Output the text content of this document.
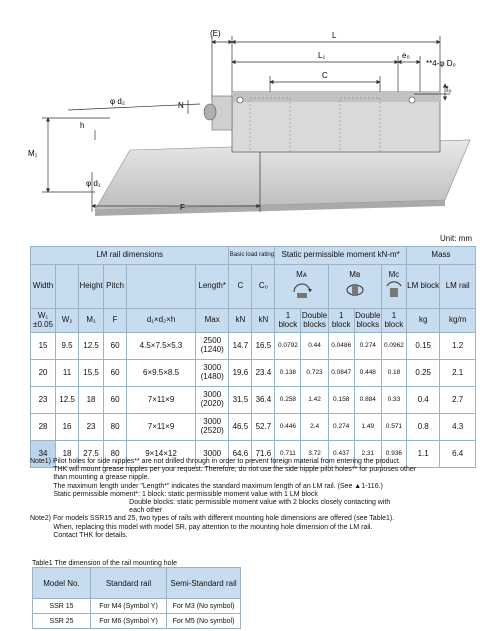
(E)	L
L₁	e₀
C
**4-φ D₀
f₀
N
φ d₂
h
M₁
φ d₁
F
Unit: mm
LM rail dimensions						Basic load rating		Static permissible moment kN-m*					Mass	
Width		Height	Pitch		Length*	C	C₀	Mᴀ		Mʙ		Mᴄ	LM block	LM rail
W₁ ±0.05	W₂	M₁	F	d₁×d₂×h	Max	kN	kN	1 block	Double blocks	1 block	Double blocks	1 block	kg	kg/m
15	9.5	12.5	60	4.5×7.5×5.3	2500
(1240)	14.7	16.5	0.0792	0.44	0.0486	0.274	0.0962	0.15	1.2
20	11	15.5	60	6×9.5×8.5	3000
(1480)	19.6	23.4	0.138	0.723	0.0847	0.448	0.18	0.25	2.1
23	12.5	18	60	7×11×9	3000
(2020)	31.5	36.4	0.258	1.42	0.158	0.884	0.33	0.4	2.7
28	16	23	80	7×11×9	3000
(2520)	46.5	52.7	0.446	2.4	0.274	1.49	0.571	0.8	4.3
34	18	27.5	80	9×14×12	3000	64.6	71.6	0.711	3.72	0.437	2.31	0.936	1.1	6.4
Note1) Pilot holes for side nipples** are not drilled through in order to prevent foreign material from entering the product.
THK will mount grease nipples per your request. Therefore, do not use the side nipple pilot holes** for purposes other
than mounting a grease nipple.
The maximum length under "Length*" indicates the standard maximum length of an LM rail. (See ▲1-116.)
Static permissible moment*: 1 block: static permissible moment value with 1 LM block
Double blocks: static permissible moment value with 2 blocks closely contacting with
each other
Note2) For models SSR15 and 25, two types of rails with different mounting hole dimensions are offered (see Table1).
When, replacing this model with model SR, pay attention to the mounting hole dimension of the LM rail.
Contact THK for details.
Table1 The dimension of the rail mounting hole
Model No.	Standard rail	Semi-Standard rail
SSR 15	For M4 (Symbol Y)	For M3 (No symbol)
SSR 25	For M6 (Symbol Y)	For M5 (No symbol)
